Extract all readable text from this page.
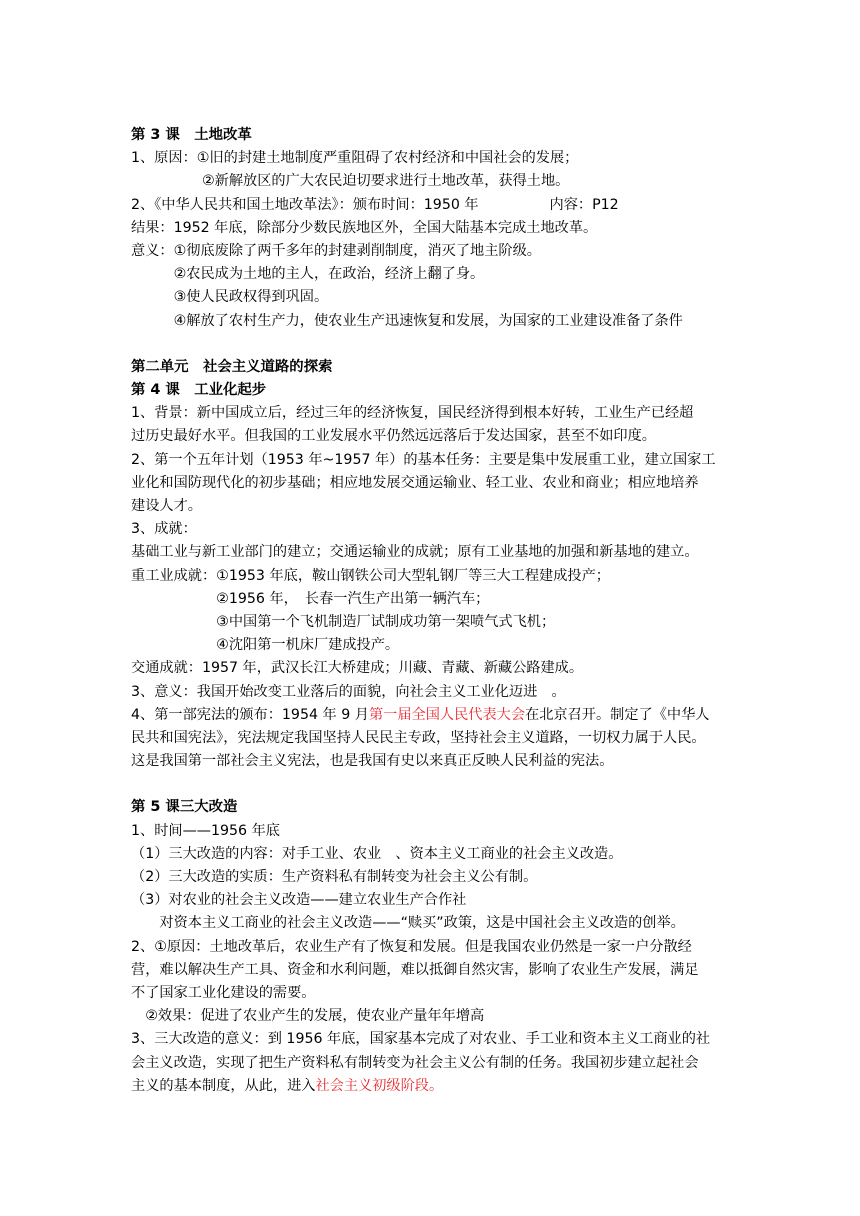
第 3 课　土地改革

1、原因：①旧的封建土地制度严重阻碍了农村经济和中国社会的发展；

　　　　　②新解放区的广大农民迫切要求进行土地改革，获得土地。

2、《中华人民共和国土地改革法》：颁布时间：1950 年　　　　　内容：P12

结果：1952 年底，除部分少数民族地区外，全国大陆基本完成土地改革。

意义：①彻底废除了两千多年的封建剥削制度，消灭了地主阶级。

　　　②农民成为土地的主人，在政治，经济上翻了身。

　　　③使人民政权得到巩固。

　　　④解放了农村生产力，使农业生产迅速恢复和发展，为国家的工业建设准备了条件

第二单元　社会主义道路的探索

第 4 课　工业化起步

1、背景：新中国成立后，经过三年的经济恢复，国民经济得到根本好转，工业生产已经超

过历史最好水平。但我国的工业发展水平仍然远远落后于发达国家，甚至不如印度。

2、第一个五年计划（1953 年~1957 年）的基本任务：主要是集中发展重工业，建立国家工

业化和国防现代化的初步基础；相应地发展交通运输业、轻工业、农业和商业；相应地培养

建设人才。

3、成就：

基础工业与新工业部门的建立；交通运输业的成就；原有工业基地的加强和新基地的建立。

重工业成就：①1953 年底，鞍山钢铁公司大型轧钢厂等三大工程建成投产；

　　　　　　②1956 年，　长春一汽生产出第一辆汽车；

　　　　　　③中国第一个飞机制造厂试制成功第一架喷气式飞机；

　　　　　　④沈阳第一机床厂建成投产。

交通成就：1957 年，武汉长江大桥建成；川藏、青藏、新藏公路建成。

3、意义：我国开始改变工业落后的面貌，向社会主义工业化迈进　。

4、第一部宪法的颁布：1954 年 9 月第一届全国人民代表大会在北京召开。制定了《中华人

民共和国宪法》，宪法规定我国坚持人民民主专政，坚持社会主义道路，一切权力属于人民。

这是我国第一部社会主义宪法，也是我国有史以来真正反映人民利益的宪法。

第 5 课三大改造

1、时间——1956 年底

（1）三大改造的内容：对手工业、农业　、资本主义工商业的社会主义改造。

（2）三大改造的实质：生产资料私有制转变为社会主义公有制。

（3）对农业的社会主义改造——建立农业生产合作社

　　对资本主义工商业的社会主义改造——“赎买”政策，这是中国社会主义改造的创举。

2、①原因：土地改革后，农业生产有了恢复和发展。但是我国农业仍然是一家一户分散经

营，难以解决生产工具、资金和水利问题，难以抵御自然灾害，影响了农业生产发展，满足

不了国家工业化建设的需要。

　②效果：促进了农业产生的发展，使农业产量年年增高

3、三大改造的意义：到 1956 年底，国家基本完成了对农业、手工业和资本主义工商业的社

会主义改造，实现了把生产资料私有制转变为社会主义公有制的任务。我国初步建立起社会

主义的基本制度，从此，进入社会主义初级阶段。
